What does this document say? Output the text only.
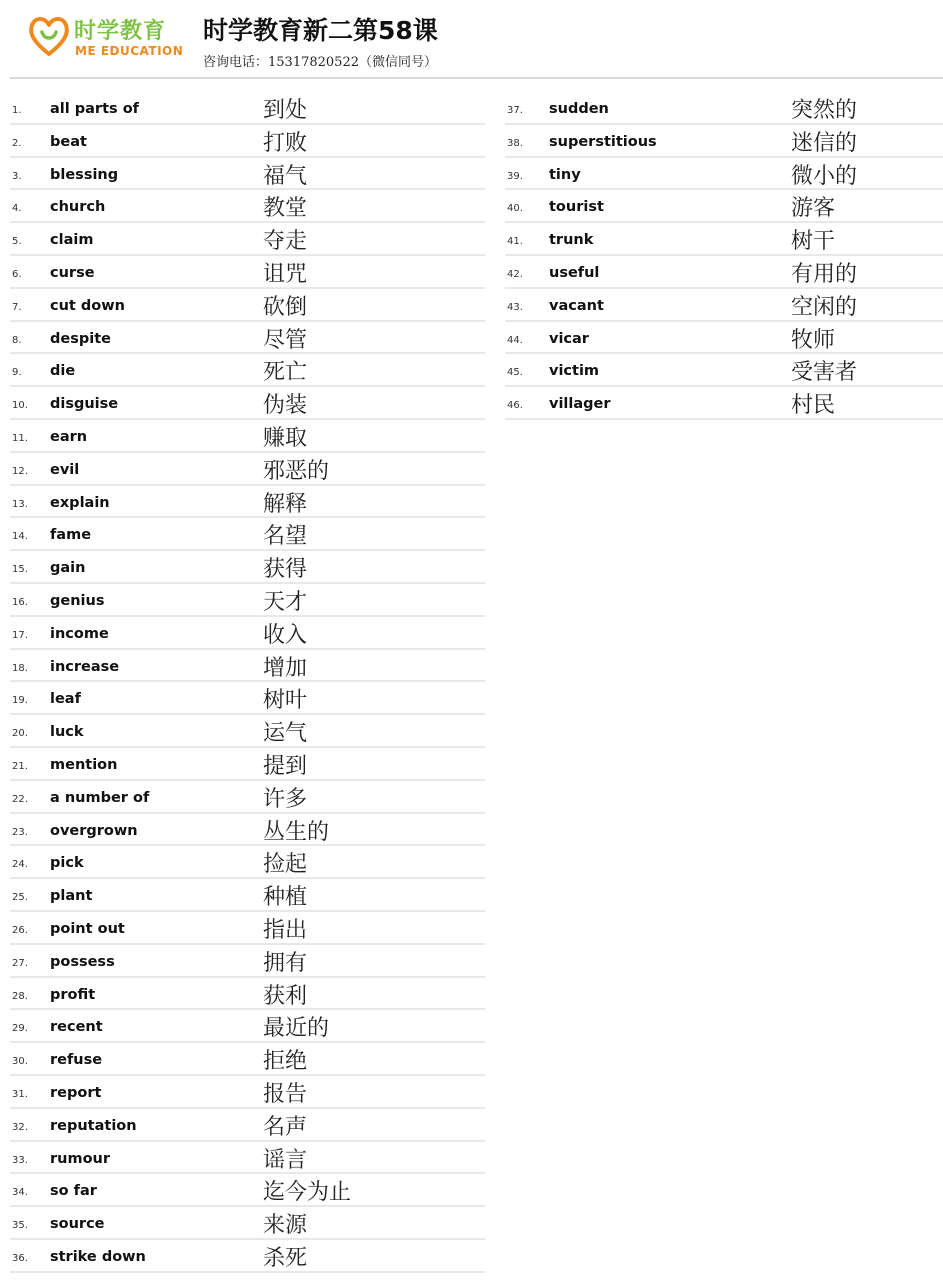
时学教育
ME EDUCATION
时学教育新二第58课
咨询电话：15317820522（微信同号）
1. all parts of	到处
2. beat	打败
3. blessing	福气
4. church	教堂
5. claim	夺走
6. curse	诅咒
7. cut down	砍倒
8. despite	尽管
9. die	死亡
10. disguise	伪装
11. earn	赚取
12. evil	邪恶的
13. explain	解释
14. fame	名望
15. gain	获得
16. genius	天才
17. income	收入
18. increase	增加
19. leaf	树叶
20. luck	运气
21. mention	提到
22. a number of	许多
23. overgrown	丛生的
24. pick	捡起
25. plant	种植
26. point out	指出
27. possess	拥有
28. profit	获利
29. recent	最近的
30. refuse	拒绝
31. report	报告
32. reputation	名声
33. rumour	谣言
34. so far	迄今为止
35. source	来源
36. strike down	杀死
37. sudden	突然的
38. superstitious	迷信的
39. tiny	微小的
40. tourist	游客
41. trunk	树干
42. useful	有用的
43. vacant	空闲的
44. vicar	牧师
45. victim	受害者
46. villager	村民
